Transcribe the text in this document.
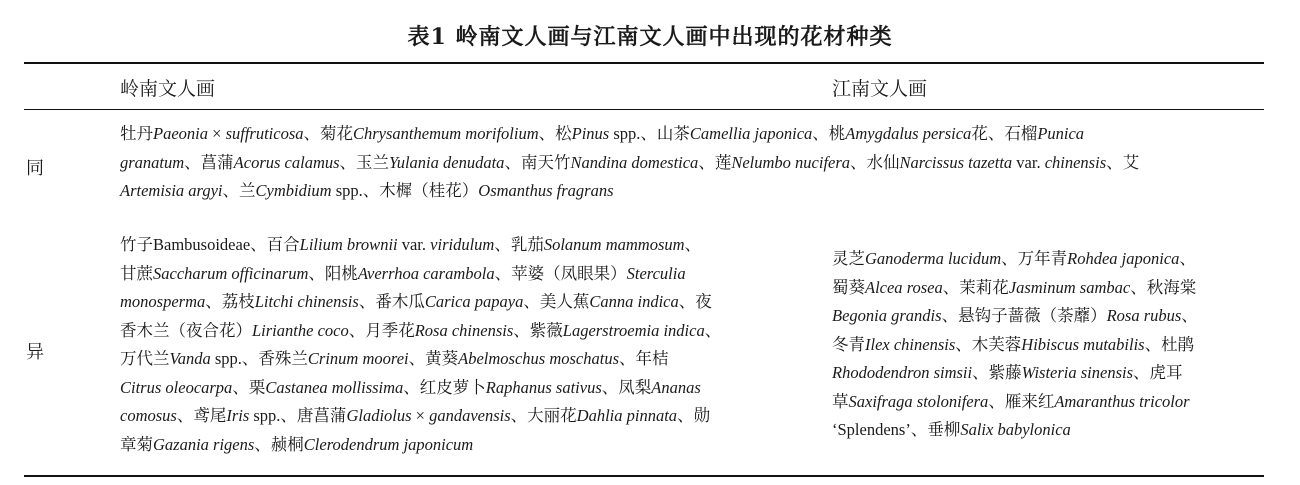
表1 岭南文人画与江南文人画中出现的花材种类
岭南文人画	江南文人画
同
牡丹Paeonia × suffruticosa、菊花Chrysanthemum morifolium、松Pinus spp.、山茶Camellia japonica、桃Amygdalus persica花、石榴Punica
granatum、菖蒲Acorus calamus、玉兰Yulania denudata、南天竹Nandina domestica、莲Nelumbo nucifera、水仙Narcissus tazetta var. chinensis、艾
Artemisia argyi、兰Cymbidium spp.、木樨（桂花）Osmanthus fragrans
异
竹子Bambusoideae、百合Lilium brownii var. viridulum、乳茄Solanum mammosum、
甘蔗Saccharum officinarum、阳桃Averrhoa carambola、苹婆（凤眼果）Sterculia
monosperma、荔枝Litchi chinensis、番木瓜Carica papaya、美人蕉Canna indica、夜
香木兰（夜合花）Lirianthe coco、月季花Rosa chinensis、紫薇Lagerstroemia indica、
万代兰Vanda spp.、香殊兰Crinum moorei、黄葵Abelmoschus moschatus、年桔
Citrus oleocarpa、栗Castanea mollissima、红皮萝卜Raphanus sativus、凤梨Ananas
comosus、鸢尾Iris spp.、唐菖蒲Gladiolus × gandavensis、大丽花Dahlia pinnata、勋
章菊Gazania rigens、赪桐Clerodendrum japonicum
灵芝Ganoderma lucidum、万年青Rohdea japonica、
蜀葵Alcea rosea、茉莉花Jasminum sambac、秋海棠
Begonia grandis、悬钩子蔷薇（荼蘼）Rosa rubus、
冬青Ilex chinensis、木芙蓉Hibiscus mutabilis、杜鹃
Rhododendron simsii、紫藤Wisteria sinensis、虎耳
草Saxifraga stolonifera、雁来红Amaranthus tricolor
‘Splendens’、垂柳Salix babylonica
